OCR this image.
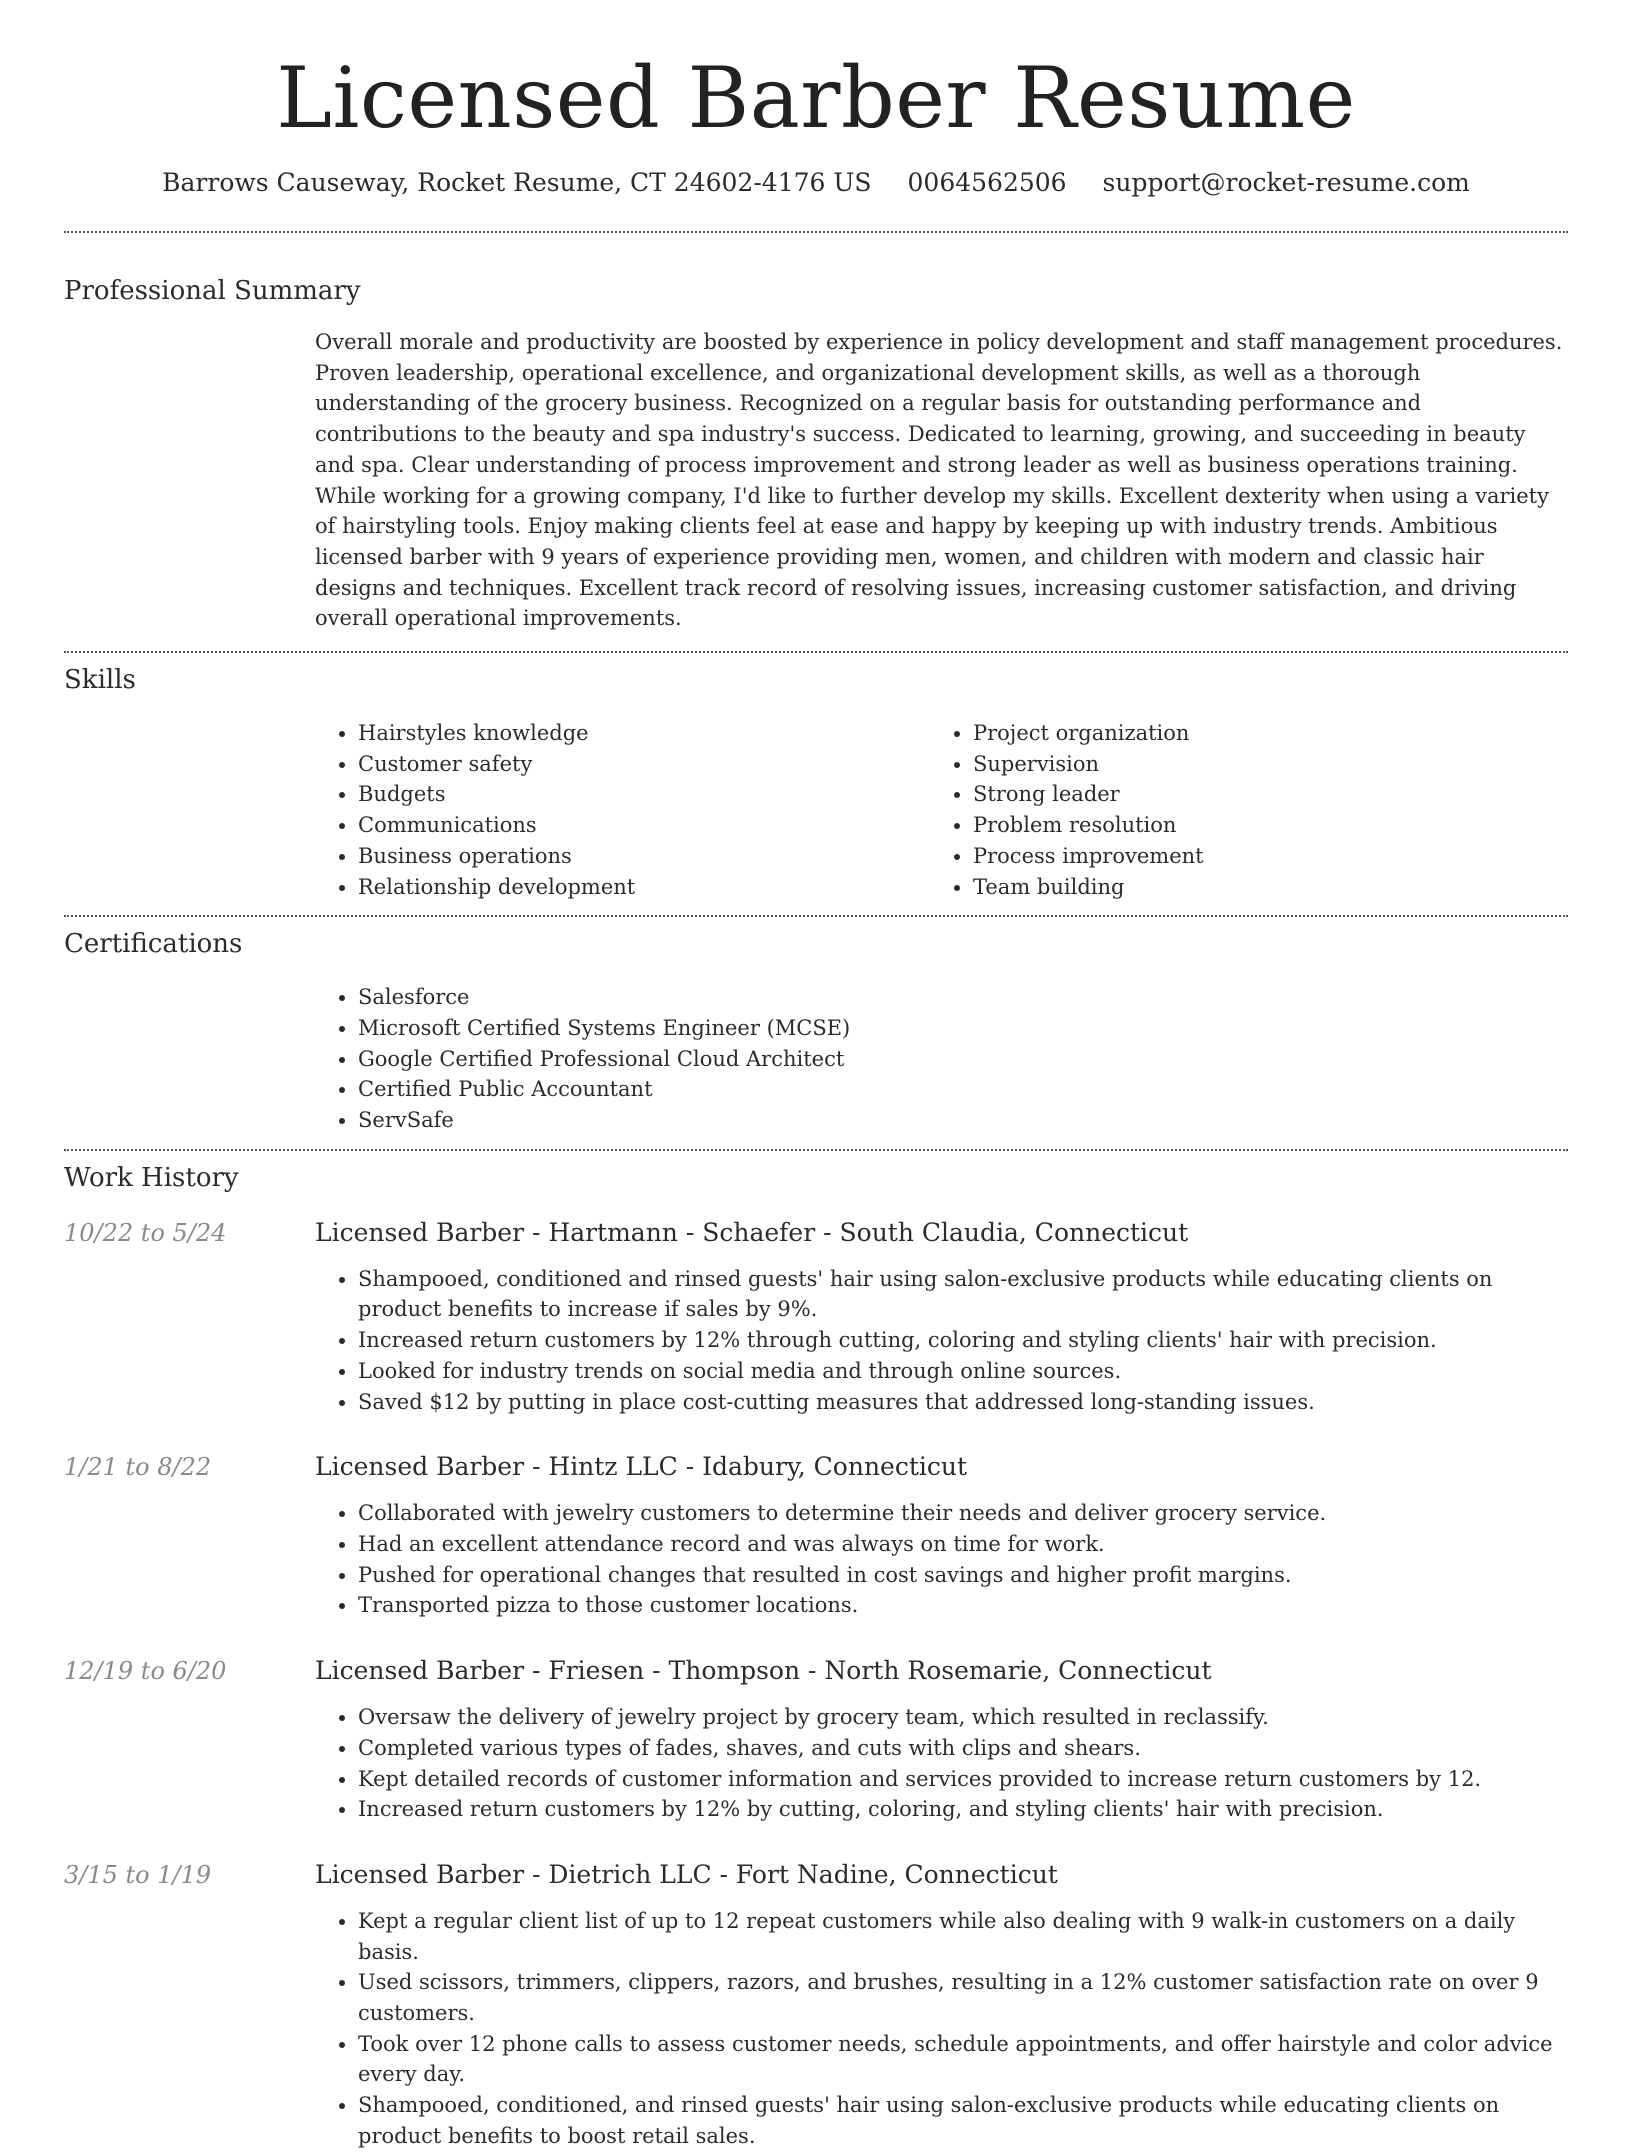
Licensed Barber Resume
Barrows Causeway, Rocket Resume, CT 24602-4176 US 0064562506 support@rocket-resume.com
Professional Summary

Overall morale and productivity are boosted by experience in policy development and staff management procedures. Proven leadership, operational excellence, and organizational development skills, as well as a thorough understanding of the grocery business. Recognized on a regular basis for outstanding performance and contributions to the beauty and spa industry's success. Dedicated to learning, growing, and succeeding in beauty and spa. Clear understanding of process improvement and strong leader as well as business operations training. While working for a growing company, I'd like to further develop my skills. Excellent dexterity when using a variety of hairstyling tools. Enjoy making clients feel at ease and happy by keeping up with industry trends. Ambitious licensed barber with 9 years of experience providing men, women, and children with modern and classic hair designs and techniques. Excellent track record of resolving issues, increasing customer satisfaction, and driving overall operational improvements.

Skills
• Hairstyles knowledge
• Customer safety
• Budgets
• Communications
• Business operations
• Relationship development
• Project organization
• Supervision
• Strong leader
• Problem resolution
• Process improvement
• Team building
Certifications
• Salesforce
• Microsoft Certified Systems Engineer (MCSE)
• Google Certified Professional Cloud Architect
• Certified Public Accountant
• ServSafe
Work History
10/22 to 5/24	Licensed Barber - Hartmann - Schaefer - South Claudia, Connecticut
• Shampooed, conditioned and rinsed guests' hair using salon-exclusive products while educating clients on product benefits to increase if sales by 9%.
• Increased return customers by 12% through cutting, coloring and styling clients' hair with precision.
• Looked for industry trends on social media and through online sources.
• Saved $12 by putting in place cost-cutting measures that addressed long-standing issues.
1/21 to 8/22	Licensed Barber - Hintz LLC - Idabury, Connecticut
• Collaborated with jewelry customers to determine their needs and deliver grocery service.
• Had an excellent attendance record and was always on time for work.
• Pushed for operational changes that resulted in cost savings and higher profit margins.
• Transported pizza to those customer locations.
12/19 to 6/20	Licensed Barber - Friesen - Thompson - North Rosemarie, Connecticut
• Oversaw the delivery of jewelry project by grocery team, which resulted in reclassify.
• Completed various types of fades, shaves, and cuts with clips and shears.
• Kept detailed records of customer information and services provided to increase return customers by 12.
• Increased return customers by 12% by cutting, coloring, and styling clients' hair with precision.
3/15 to 1/19	Licensed Barber - Dietrich LLC - Fort Nadine, Connecticut
• Kept a regular client list of up to 12 repeat customers while also dealing with 9 walk-in customers on a daily basis.
• Used scissors, trimmers, clippers, razors, and brushes, resulting in a 12% customer satisfaction rate on over 9 customers.
• Took over 12 phone calls to assess customer needs, schedule appointments, and offer hairstyle and color advice every day.
• Shampooed, conditioned, and rinsed guests' hair using salon-exclusive products while educating clients on product benefits to boost retail sales.
